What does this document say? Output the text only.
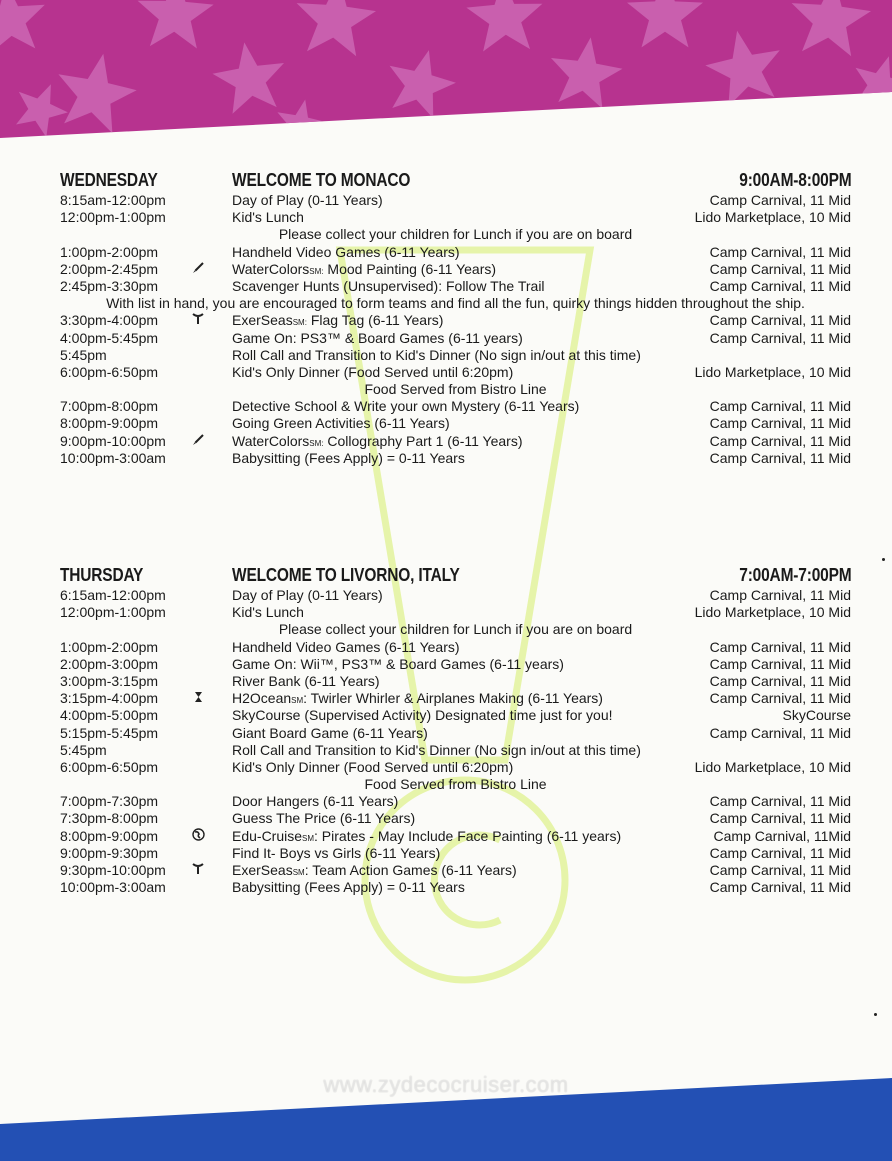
WEDNESDAY	WELCOME TO MONACO	9:00AM-8:00PM
8:15am-12:00pm	Day of Play (0-11 Years)	Camp Carnival, 11 Mid
12:00pm-1:00pm	Kid's Lunch	Lido Marketplace, 10 Mid
Please collect your children for Lunch if you are on board
1:00pm-2:00pm	Handheld Video Games (6-11 Years)	Camp Carnival, 11 Mid
2:00pm-2:45pm	WaterColorsSM: Mood Painting (6-11 Years)	Camp Carnival, 11 Mid
2:45pm-3:30pm	Scavenger Hunts (Unsupervised): Follow The Trail	Camp Carnival, 11 Mid
With list in hand, you are encouraged to form teams and find all the fun, quirky things hidden throughout the ship.
3:30pm-4:00pm	ExerSeasSM: Flag Tag (6-11 Years)	Camp Carnival, 11 Mid
4:00pm-5:45pm	Game On: PS3™ & Board Games (6-11 years)	Camp Carnival, 11 Mid
5:45pm	Roll Call and Transition to Kid's Dinner (No sign in/out at this time)
6:00pm-6:50pm	Kid's Only Dinner (Food Served until 6:20pm)	Lido Marketplace, 10 Mid
Food Served from Bistro Line
7:00pm-8:00pm	Detective School & Write your own Mystery (6-11 Years)	Camp Carnival, 11 Mid
8:00pm-9:00pm	Going Green Activities (6-11 Years)	Camp Carnival, 11 Mid
9:00pm-10:00pm	WaterColorsSM: Collography Part 1 (6-11 Years)	Camp Carnival, 11 Mid
10:00pm-3:00am	Babysitting (Fees Apply) = 0-11 Years	Camp Carnival, 11 Mid
THURSDAY	WELCOME TO LIVORNO, ITALY	7:00AM-7:00PM
6:15am-12:00pm	Day of Play (0-11 Years)	Camp Carnival, 11 Mid
12:00pm-1:00pm	Kid's Lunch	Lido Marketplace, 10 Mid
Please collect your children for Lunch if you are on board
1:00pm-2:00pm	Handheld Video Games (6-11 Years)	Camp Carnival, 11 Mid
2:00pm-3:00pm	Game On: Wii™, PS3™ & Board Games (6-11 years)	Camp Carnival, 11 Mid
3:00pm-3:15pm	River Bank (6-11 Years)	Camp Carnival, 11 Mid
3:15pm-4:00pm	H2OceanSM: Twirler Whirler & Airplanes Making (6-11 Years)	Camp Carnival, 11 Mid
4:00pm-5:00pm	SkyCourse (Supervised Activity) Designated time just for you!	SkyCourse
5:15pm-5:45pm	Giant Board Game (6-11 Years)	Camp Carnival, 11 Mid
5:45pm	Roll Call and Transition to Kid's Dinner (No sign in/out at this time)
6:00pm-6:50pm	Kid's Only Dinner (Food Served until 6:20pm)	Lido Marketplace, 10 Mid
Food Served from Bistro Line
7:00pm-7:30pm	Door Hangers (6-11 Years)	Camp Carnival, 11 Mid
7:30pm-8:00pm	Guess The Price (6-11 Years)	Camp Carnival, 11 Mid
8:00pm-9:00pm	Edu-CruiseSM: Pirates - May Include Face Painting (6-11 years)	Camp Carnival, 11Mid
9:00pm-9:30pm	Find It- Boys vs Girls (6-11 Years)	Camp Carnival, 11 Mid
9:30pm-10:00pm	ExerSeasSM: Team Action Games (6-11 Years)	Camp Carnival, 11 Mid
10:00pm-3:00am	Babysitting (Fees Apply) = 0-11 Years	Camp Carnival, 11 Mid
www.zydecocruiser.com
